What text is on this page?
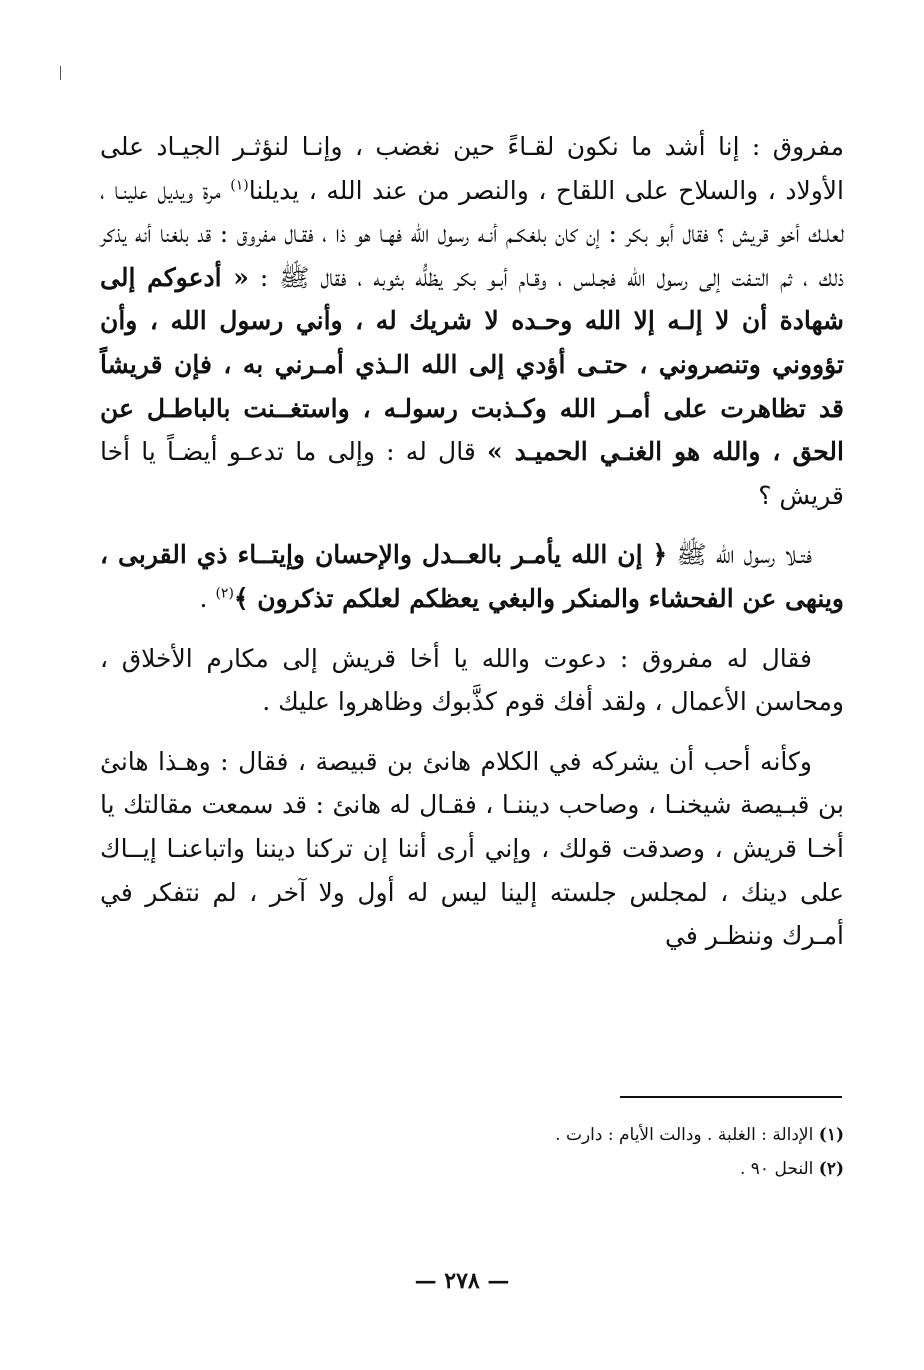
مفروق : إنا أشد ما نكون لقـاءً حين نغضب ، وإنـا لنؤثـر الجيـاد على الأولاد ، والسلاح على اللقاح ، والنصر من عند الله ، يديلنا$^{(١)}$ مرة ويديل علينـا ، لعلـك أخو قريش ؟ فقال أبو بكر : إن كان بلغكـم أنـه رسول الله فهـا هو ذا ، فقـال مفروق : قد بلغنا أنه يذكر ذلك ، ثم التـفت إلى رسول الله فجـلس ، وقـام أبـو بكر يظلُّه بثوبه ، فقال ﷺ : « أدعوكم إلى شهادة أن لا إلـه إلا الله وحـده لا شريك له ، وأني رسول الله ، وأن تؤووني وتنصروني ، حتـى أؤدي إلى الله الـذي أمـرني به ، فإن قريشاً قد تظاهرت على أمـر الله وكـذبت رسولـه ، واستغــنت بالباطـل عن الحق ، والله هو الغنـي الحميـد » قال له : وإلى ما تدعـو أيضـاً يا أخا قريش ؟

فتـلا رسول الله ﷺ ﴿ إن الله يأمـر بالعــدل والإحسان وإيتــاء ذي القربى ، وينهى عن الفحشاء والمنكر والبغي يعظكم لعلكم تذكرون ﴾$^{(٢)}$ .

فقال له مفروق : دعوت والله يا أخا قريش إلى مكارم الأخلاق ، ومحاسن الأعمال ، ولقد أفك قوم كذَّبوك وظاهروا عليك .

وكأنه أحب أن يشركه في الكلام هانئ بن قبيصة ، فقال : وهـذا هانئ بن قبـيصة شيخنـا ، وصاحب ديننـا ، فقـال له هانئ : قد سمعت مقالتك يا أخـا قريش ، وصدقت قولك ، وإني أرى أننا إن تركنا ديننا واتباعنـا إيــاك على دينك ، لمجلس جلسته إلينا ليس له أول ولا آخر ، لم نتفكر في أمـرك وننظـر في

(١) الإدالة : الغلبة . ودالت الأيام : دارت .

(٢) النحل ٩٠ .

— ٢٧٨ —
